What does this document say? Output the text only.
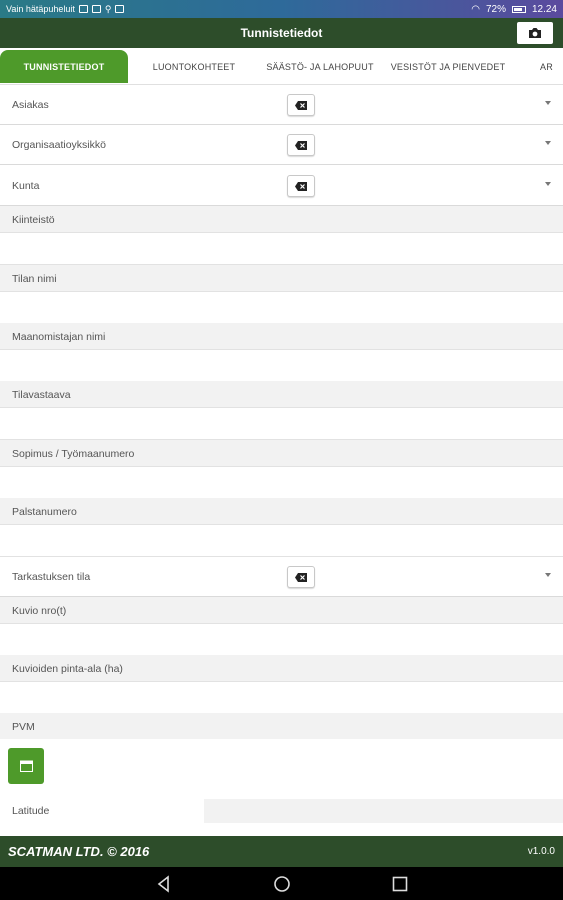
Vain hätäpuheluit	⚲	◠ 72%	12.24
Tunnistetiedot
TUNNISTETIEDOT	LUONTOKOHTEET	SÄÄSTÖ- JA LAHOPUUT	VESISTÖT JA PIENVEDET	AR
Asiakas
Organisaatioyksikkö
Kunta
Kiinteistö
Tilan nimi
Maanomistajan nimi
Tilavastaava
Sopimus / Työmaanumero
Palstanumero
Tarkastuksen tila
Kuvio nro(t)
Kuvioiden pinta-ala (ha)
PVM
Latitude
SCATMAN LTD. © 2016	v1.0.0
